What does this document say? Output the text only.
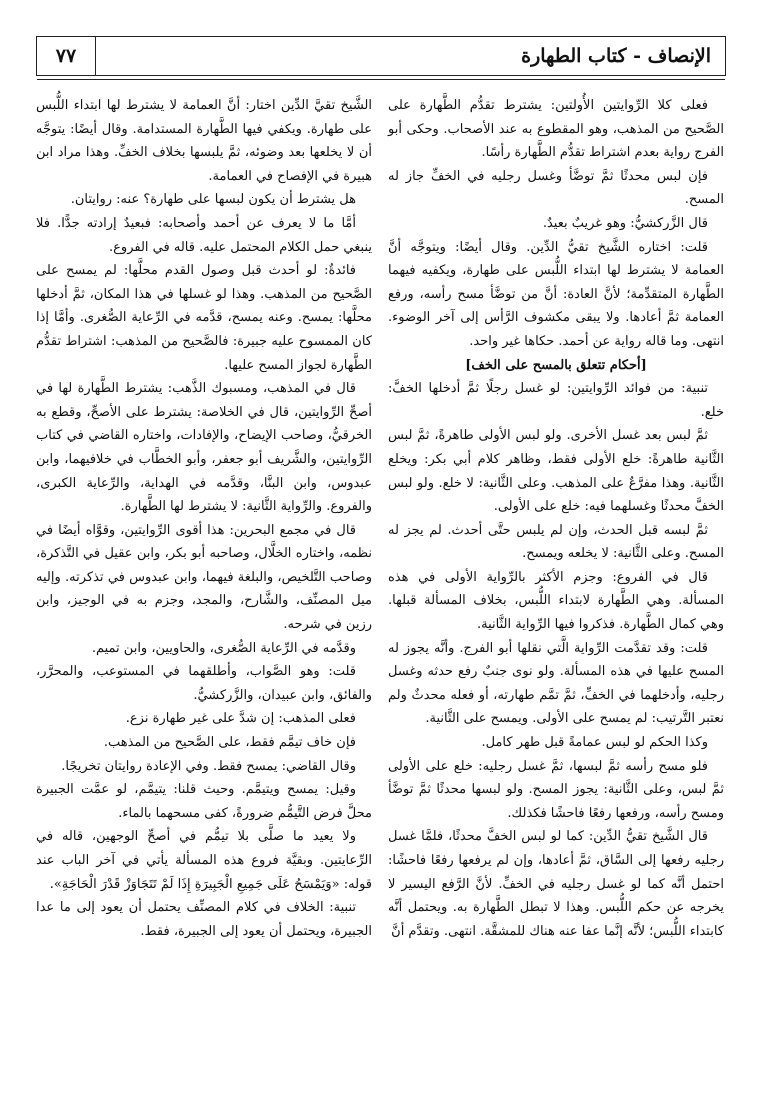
الإنصاف - كتاب الطهارة
٧٧

فعلى كلا الرِّوايتين الأُولتين: يشترط تقدُّم الطَّهارة على الصَّحيح من المذهب، وهو المقطوع به عند الأصحاب. وحكى أبو الفرج رواية بعدم اشتراط تقدُّم الطَّهارة رأسًا.

فإن لبس محدثًا ثمَّ توضَّأ وغسل رجليه في الخفِّ جاز له المسح.

قال الزَّركشيُّ: وهو غريبٌ بعيدٌ.

قلت: اختاره الشَّيخ تقيُّ الدِّين. وقال أيضًا: ويتوجَّه أنَّ العمامة لا يشترط لها ابتداء اللُّبس على طهارة، ويكفيه فيهما الطَّهارة المتقدِّمة؛ لأنَّ العادة: أنَّ من توضَّأ مسح رأسه، ورفع العمامة ثمَّ أعادها. ولا يبقى مكشوف الرَّأس إلى آخر الوضوء. انتهى. وما قاله رواية عن أحمد. حكاها غير واحد.

[أحكام تتعلق بالمسح على الخف]

تنبية: من فوائد الرِّوايتين: لو غسل رجلًا ثمَّ أدخلها الخفَّ: خلع.

ثمَّ لبس بعد غسل الأخرى. ولو لبس الأولى طاهرةً، ثمَّ لبس الثَّانية طاهرةً: خلع الأولى فقط، وظاهر كلام أبي بكر: ويخلع الثَّانية. وهذا مفرَّعٌ على المذهب. وعلى الثَّانية: لا خلع. ولو لبس الخفَّ محدثًا وغسلهما فيه: خلع على الأولى.

ثمَّ لبسه قبل الحدث، وإن لم يلبس حتَّى أحدث. لم يجز له المسح. وعلى الثَّانية: لا يخلعه ويمسح.

قال في الفروع: وجزم الأكثر بالرِّواية الأولى في هذه المسألة. وهي الطَّهارة لابتداء اللُّبس، بخلاف المسألة قبلها. وهي كمال الطَّهارة. فذكروا فيها الرِّواية الثَّانية.

قلت: وقد تقدَّمت الرِّواية الَّتي نقلها أبو الفرج. وأنَّه يجوز له المسح عليها في هذه المسألة. ولو نوى جنبٌ رفع حدثه وغسل رجليه، وأدخلهما في الخفِّ، ثمَّ تمَّم طهارته، أو فعله محدثٌ ولم نعتبر التَّرتيب: لم يمسح على الأولى. ويمسح على الثَّانية.

وكذا الحكم لو لبس عمامةً قبل طهر كامل.

فلو مسح رأسه ثمَّ لبسها، ثمَّ غسل رجليه: خلع على الأولى ثمَّ لبس، وعلى الثَّانية: يجوز المسح. ولو لبسها محدثًا ثمَّ توضَّأ ومسح رأسه، ورفعها رفعًا فاحشًا فكذلك.

قال الشَّيخ تقيُّ الدِّين: كما لو لبس الخفَّ محدثًا، فلمَّا غسل رجليه رفعها إلى السَّاق، ثمَّ أعادها، وإن لم يرفعها رفعًا فاحشًا: احتمل أنَّه كما لو غسل رجليه في الخفِّ. لأنَّ الرَّفع اليسير لا يخرجه عن حكم اللُّبس. وهذا لا تبطل الطَّهارة به. ويحتمل أنَّه كابتداء اللُّبس؛ لأنَّه إنَّما عفا عنه هناك للمشقَّة. انتهى. وتقدَّم أنَّ

الشَّيخ تقيَّ الدِّين اختار: أنَّ العمامة لا يشترط لها ابتداء اللُّبس على طهارة. ويكفي فيها الطَّهارة المستدامة. وقال أيضًا: يتوجَّه أن لا يخلعها بعد وضوئه، ثمَّ يلبسها بخلاف الخفِّ. وهذا مراد ابن هبيرة في الإفصاح في العمامة.

هل يشترط أن يكون لبسها على طهارة؟ عنه: روايتان.

أمَّا ما لا يعرف عن أحمد وأصحابه: فبعيدٌ إرادته جدًّا. فلا ينبغي حمل الكلام المحتمل عليه. قاله في الفروع.

فائدةٌ: لو أحدث قبل وصول القدم محلَّها: لم يمسح على الصَّحيح من المذهب. وهذا لو غسلها في هذا المكان، ثمَّ أدخلها محلَّها: يمسح. وعنه يمسح، قدَّمه في الرِّعاية الصُّغرى. وأمَّا إذا كان الممسوح عليه جبيرة: فالصَّحيح من المذهب: اشتراط تقدُّم الطَّهارة لجواز المسح عليها.

قال في المذهب، ومسبوك الذَّهب: يشترط الطَّهارة لها في أصحِّ الرِّوايتين، قال في الخلاصة: يشترط على الأصحِّ، وقطع به الخرقيُّ، وصاحب الإيضاح، والإفادات، واختاره القاضي في كتاب الرِّوايتين، والشَّريف أبو جعفر، وأبو الخطَّاب في خلافيهما، وابن عبدوس، وابن البنَّا، وقدَّمه في الهداية، والرِّعاية الكبرى، والفروع. والرِّواية الثَّانية: لا يشترط لها الطَّهارة.

قال في مجمع البحرين: هذا أقوى الرِّوايتين، وقوَّاه أيضًا في نظمه، واختاره الخلَّال، وصاحبه أبو بكر، وابن عقيل في التَّذكرة، وصاحب التَّلخيص، والبلغة فيهما، وابن عبدوس في تذكرته. وإليه ميل المصنِّف، والشَّارح، والمجد، وجزم به في الوجيز، وابن رزين في شرحه.

وقدَّمه في الرِّعاية الصُّغرى، والحاويين، وابن تميم.

قلت: وهو الصَّواب، وأطلقهما في المستوعب، والمحرَّر، والفائق، وابن عبيدان، والزَّركشيُّ.

فعلى المذهب: إن شدَّ على غير طهارة نزع.

فإن خاف تيمَّم فقط، على الصَّحيح من المذهب.

وقال القاضي: يمسح فقط. وفي الإعادة روايتان تخريجًا.

وقيل: يمسح ويتيمَّم. وحيث قلنا: يتيمَّم، لو عمَّت الجبيرة محلَّ فرض التَّيمُّم ضرورةً، كفى مسحهما بالماء.

ولا يعيد ما صلَّى بلا تيمُّم في أصحِّ الوجهين، قاله في الرِّعايتين. وبقيَّة فروع هذه المسألة يأتي في آخر الباب عند قوله: «وَيَمْسَحُ عَلَى جَمِيعِ الْجَبِيرَةِ إِذَا لَمْ تَتَجَاوَزْ قَدْرَ الْحَاجَةِ».

تنبية: الخلاف في كلام المصنِّف يحتمل أن يعود إلى ما عدا الجبيرة، ويحتمل أن يعود إلى الجبيرة، فقط.
